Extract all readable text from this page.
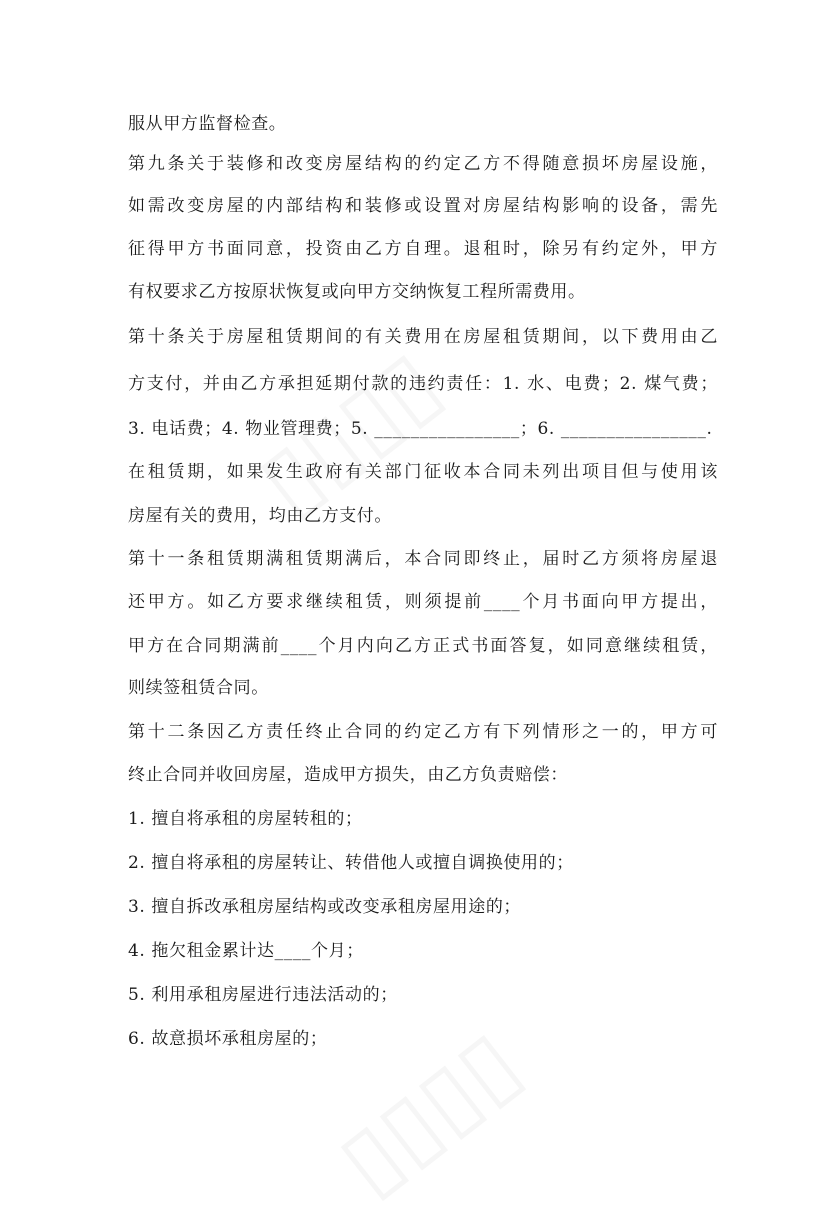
服从甲方监督检查。
第九条关于装修和改变房屋结构的约定乙方不得随意损坏房屋设施，
如需改变房屋的内部结构和装修或设置对房屋结构影响的设备，需先
征得甲方书面同意，投资由乙方自理。退租时，除另有约定外，甲方
有权要求乙方按原状恢复或向甲方交纳恢复工程所需费用。
第十条关于房屋租赁期间的有关费用在房屋租赁期间，以下费用由乙
方支付，并由乙方承担延期付款的违约责任：1. 水、电费；2. 煤气费；
3. 电话费；4. 物业管理费；5. ________________；6. ________________.
在租赁期，如果发生政府有关部门征收本合同未列出项目但与使用该
房屋有关的费用，均由乙方支付。
第十一条租赁期满租赁期满后，本合同即终止，届时乙方须将房屋退
还甲方。如乙方要求继续租赁，则须提前____个月书面向甲方提出，
甲方在合同期满前____个月内向乙方正式书面答复，如同意继续租赁，
则续签租赁合同。
第十二条因乙方责任终止合同的约定乙方有下列情形之一的，甲方可
终止合同并收回房屋，造成甲方损失，由乙方负责赔偿：
1. 擅自将承租的房屋转租的；
2. 擅自将承租的房屋转让、转借他人或擅自调换使用的；
3. 擅自拆改承租房屋结构或改变承租房屋用途的；
4. 拖欠租金累计达____个月；
5. 利用承租房屋进行违法活动的；
6. 故意损坏承租房屋的；
